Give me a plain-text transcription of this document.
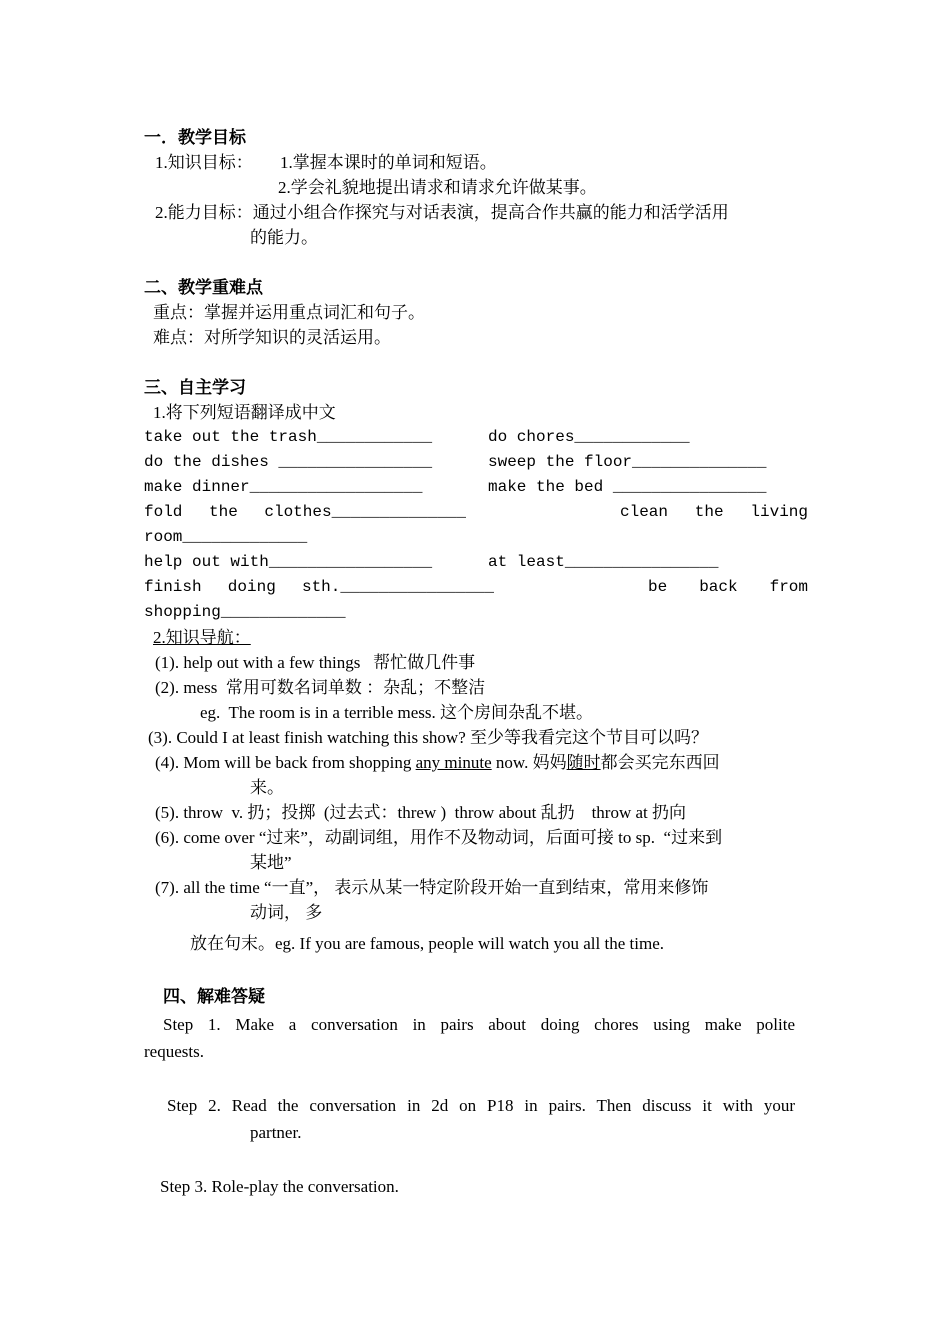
一．教学目标
1.知识目标： 1.掌握本课时的单词和短语。
2.学会礼貌地提出请求和请求允许做某事。
2.能力目标：通过小组合作探究与对话表演，提高合作共赢的能力和活学活用
的能力。
二、教学重难点
重点：掌握并运用重点词汇和句子。
难点：对所学知识的灵活运用。
三、自主学习
1.将下列短语翻译成中文
take out the trash____________	do chores____________
do the dishes ________________	sweep the floor______________
make dinner__________________	make the bed ________________
fold the clothes______________	clean the living
room_____________
help out with_________________	at least________________
finish doing sth.________________	be back from
shopping_____________
2.知识导航：
(1). help out with a few things   帮忙做几件事
(2). mess  常用可数名词单数 ：杂乱；不整洁
eg.  The room is in a terrible mess. 这个房间杂乱不堪。
(3). Could I at least finish watching this show? 至少等我看完这个节目可以吗？
(4). Mom will be back from shopping any minute now. 妈妈随时都会买完东西回
来。
(5). throw  v. 扔；投掷  (过去式：threw )  throw about 乱扔    throw at 扔向
(6). come over “过来”，动副词组，用作不及物动词，后面可接 to sp.  “过来到
某地”
(7). all the time “一直”， 表示从某一特定阶段开始一直到结束，常用来修饰
动词， 多
放在句末。eg. If you are famous, people will watch you all the time.
四、解难答疑
Step 1. Make a conversation in pairs about doing chores using make polite
requests.
Step 2. Read the conversation in 2d on P18 in pairs. Then discuss it with your
partner.
Step 3. Role-play the conversation.
